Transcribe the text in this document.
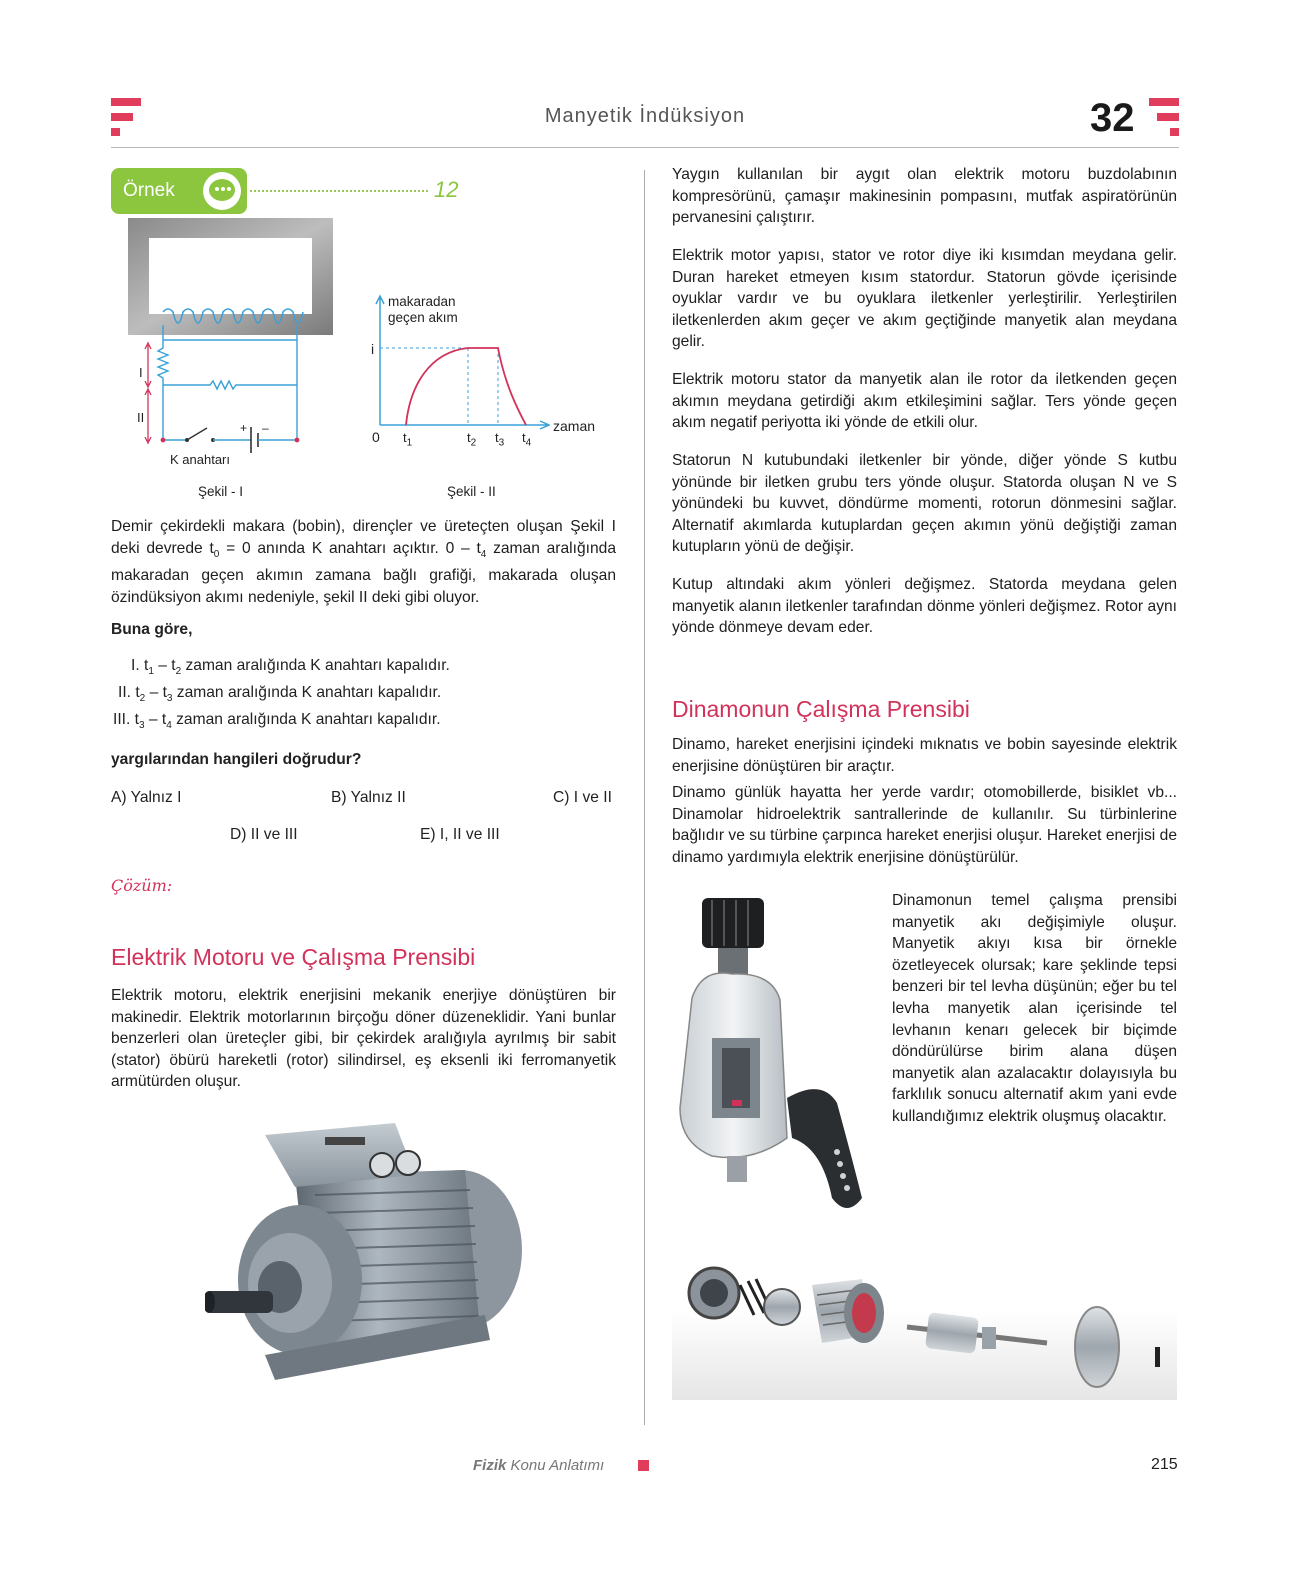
Manyetik İndüksiyon	32
Örnek	12
I
II
+ –
K anahtarı
Şekil - I
makaradan
geçen akım
i
0
zaman
$t_1$	$t_2$ $t_3$ $t_4$
Şekil - II
Demir çekirdekli makara (bobin), dirençler ve üreteçten oluşan Şekil I deki devrede $t_0 = 0$ anında K anahtarı açıktır. $0 - t_4$ zaman aralığında makaradan geçen akımın zamana bağlı grafiği, makarada oluşan özindüksiyon akımı nedeniyle, şekil II deki gibi oluyor.
Buna göre,
I. $t_1 - t_2$ zaman aralığında K anahtarı kapalıdır.
II. $t_2 - t_3$ zaman aralığında K anahtarı kapalıdır.
III. $t_3 - t_4$ zaman aralığında K anahtarı kapalıdır.
yargılarından hangileri doğrudur?
A) Yalnız I	B) Yalnız II	C) I ve II
D) II ve III	E) I, II ve III
Çözüm:
Elektrik Motoru ve Çalışma Prensibi
Elektrik motoru, elektrik enerjisini mekanik enerjiye dönüştüren bir makinedir. Elektrik motorlarının birçoğu döner düzeneklidir. Yani bunlar benzerleri olan üreteçler gibi, bir çekirdek aralığıyla ayrılmış bir sabit (stator) öbürü hareketli (rotor) silindirsel, eş eksenli iki ferromanyetik armütürden oluşur.
Yaygın kullanılan bir aygıt olan elektrik motoru buzdolabının kompresörünü, çamaşır makinesinin pompasını, mutfak aspiratörünün pervanesini çalıştırır.
Elektrik motor yapısı, stator ve rotor diye iki kısımdan meydana gelir. Duran hareket etmeyen kısım statordur. Statorun gövde içerisinde oyuklar vardır ve bu oyuklara iletkenler yerleştirilir. Yerleştirilen iletkenlerden akım geçer ve akım geçtiğinde manyetik alan meydana gelir.
Elektrik motoru stator da manyetik alan ile rotor da iletkenden geçen akımın meydana getirdiği akım etkileşimini sağlar. Ters yönde geçen akım negatif periyotta iki yönde de etkili olur.
Statorun N kutubundaki iletkenler bir yönde, diğer yönde S kutbu yönünde bir iletken grubu ters yönde oluşur. Statorda oluşan N ve S yönündeki bu kuvvet, döndürme momenti, rotorun dönmesini sağlar. Alternatif akımlarda kutuplardan geçen akımın yönü değiştiği zaman kutupların yönü de değişir.
Kutup altındaki akım yönleri değişmez. Statorda meydana gelen manyetik alanın iletkenler tarafından dönme yönleri değişmez. Rotor aynı yönde dönmeye devam eder.
Dinamonun Çalışma Prensibi
Dinamo, hareket enerjisini içindeki mıknatıs ve bobin sayesinde elektrik enerjisine dönüştüren bir araçtır.
Dinamo günlük hayatta her yerde vardır; otomobillerde, bisiklet vb... Dinamolar hidroelektrik santrallerinde de kullanılır. Su türbinlerine bağlıdır ve su türbine çarpınca hareket enerjisi oluşur. Hareket enerjisi de dinamo yardımıyla elektrik enerjisine dönüştürülür.
Dinamonun temel çalışma prensibi manyetik akı değişimiyle oluşur. Manyetik akıyı kısa bir örnekle özetleyecek olursak; kare şeklinde tepsi benzeri bir tel levha düşünün; eğer bu tel levha manyetik alan içerisinde tel levhanın kenarı gelecek bir biçimde döndürülürse birim alana düşen manyetik alan azalacaktır dolayısıyla bu farklılık sonucu alternatif akım yani evde kullandığımız elektrik oluşmuş olacaktır.
Fizik Konu Anlatımı	215
